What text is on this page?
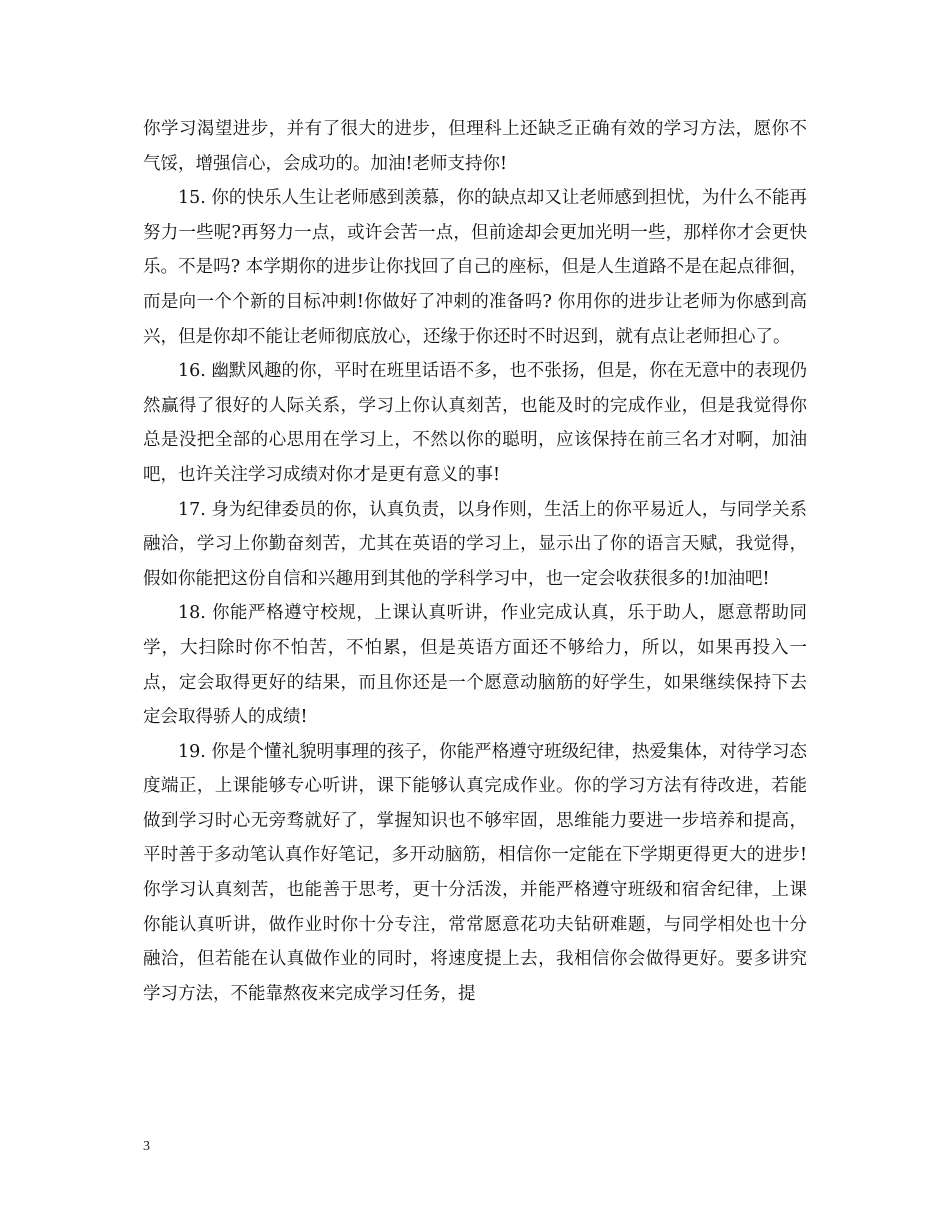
你学习渴望进步，并有了很大的进步，但理科上还缺乏正确有效的学习方法，愿你不气馁，增强信心，会成功的。加油!老师支持你!

15. 你的快乐人生让老师感到羡慕，你的缺点却又让老师感到担忧，为什么不能再努力一些呢?再努力一点，或许会苦一点，但前途却会更加光明一些，那样你才会更快乐。不是吗? 本学期你的进步让你找回了自己的座标，但是人生道路不是在起点徘徊，而是向一个个新的目标冲刺!你做好了冲刺的准备吗? 你用你的进步让老师为你感到高兴，但是你却不能让老师彻底放心，还缘于你还时不时迟到，就有点让老师担心了。

16. 幽默风趣的你，平时在班里话语不多，也不张扬，但是，你在无意中的表现仍然赢得了很好的人际关系，学习上你认真刻苦，也能及时的完成作业，但是我觉得你总是没把全部的心思用在学习上，不然以你的聪明，应该保持在前三名才对啊，加油吧，也许关注学习成绩对你才是更有意义的事!

17. 身为纪律委员的你，认真负责，以身作则，生活上的你平易近人，与同学关系融洽，学习上你勤奋刻苦，尤其在英语的学习上，显示出了你的语言天赋，我觉得，假如你能把这份自信和兴趣用到其他的学科学习中，也一定会收获很多的!加油吧!

18. 你能严格遵守校规，上课认真听讲，作业完成认真，乐于助人，愿意帮助同学，大扫除时你不怕苦，不怕累，但是英语方面还不够给力，所以，如果再投入一点，定会取得更好的结果，而且你还是一个愿意动脑筋的好学生，如果继续保持下去定会取得骄人的成绩!

19. 你是个懂礼貌明事理的孩子，你能严格遵守班级纪律，热爱集体，对待学习态度端正，上课能够专心听讲，课下能够认真完成作业。你的学习方法有待改进，若能做到学习时心无旁骛就好了，掌握知识也不够牢固，思维能力要进一步培养和提高，平时善于多动笔认真作好笔记，多开动脑筋，相信你一定能在下学期更得更大的进步! 你学习认真刻苦，也能善于思考，更十分活泼，并能严格遵守班级和宿舍纪律，上课你能认真听讲，做作业时你十分专注，常常愿意花功夫钻研难题，与同学相处也十分融洽，但若能在认真做作业的同时，将速度提上去，我相信你会做得更好。要多讲究学习方法，不能靠熬夜来完成学习任务，提

3
